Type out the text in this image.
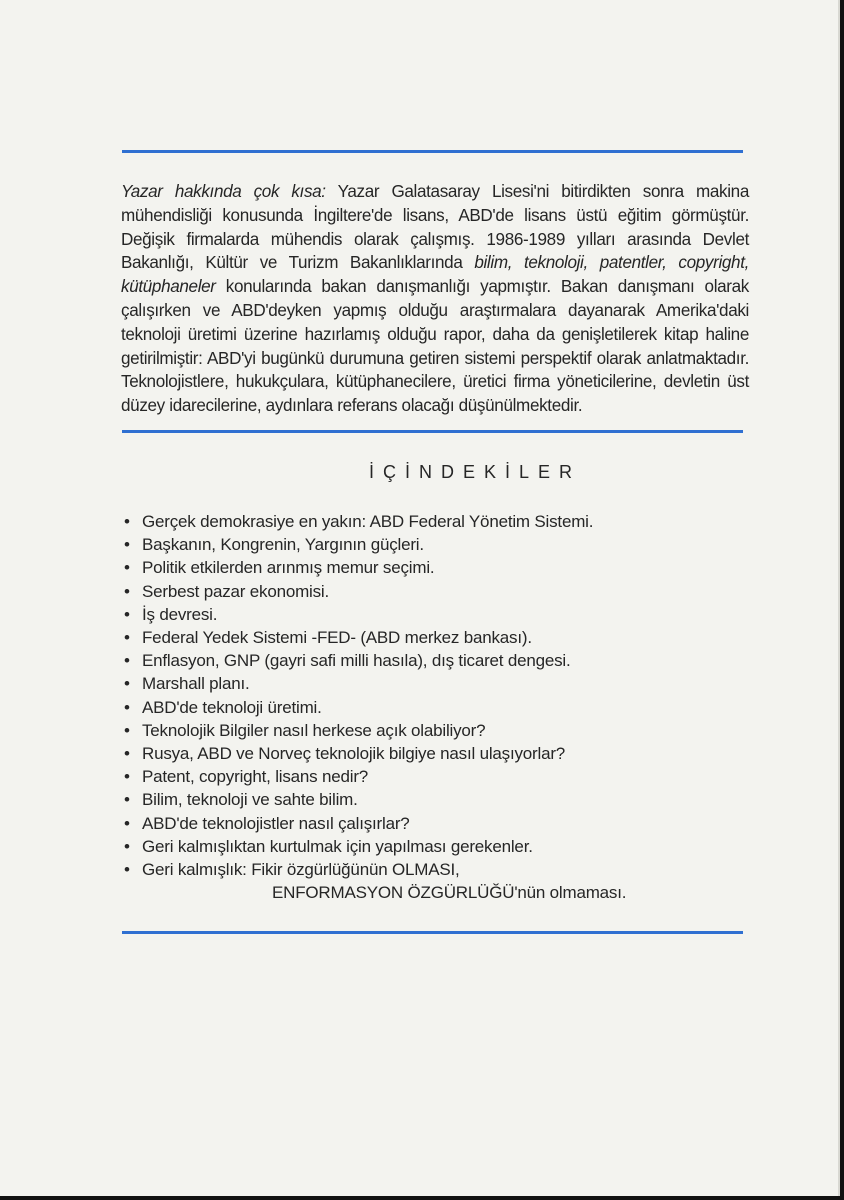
Yazar hakkında çok kısa: Yazar Galatasaray Lisesi'ni bitirdikten sonra makina mühendisliği konusunda İngiltere'de lisans, ABD'de lisans üstü eğitim görmüştür. Değişik firmalarda mühendis olarak çalışmış. 1986-1989 yılları arasında Devlet Bakanlığı, Kültür ve Turizm Bakanlıklarında bilim, teknoloji, patentler, copyright, kütüphaneler konularında bakan danışmanlığı yapmıştır. Bakan danışmanı olarak çalışırken ve ABD'deyken yapmış olduğu araştırmalara dayanarak Amerika'daki teknoloji üretimi üzerine hazırlamış olduğu rapor, daha da genişletilerek kitap haline getirilmiştir: ABD'yi bugünkü durumuna getiren sistemi perspektif olarak anlatmaktadır. Teknolojistlere, hukukçulara, kütüphanecilere, üretici firma yöneticilerine, devletin üst düzey idarecilerine, aydınlara referans olacağı düşünülmektedir.

İÇİNDEKİLER
• Gerçek demokrasiye en yakın: ABD Federal Yönetim Sistemi.
• Başkanın, Kongrenin, Yargının güçleri.
• Politik etkilerden arınmış memur seçimi.
• Serbest pazar ekonomisi.
• İş devresi.
• Federal Yedek Sistemi -FED- (ABD merkez bankası).
• Enflasyon, GNP (gayri safi milli hasıla), dış ticaret dengesi.
• Marshall planı.
• ABD'de teknoloji üretimi.
• Teknolojik Bilgiler nasıl herkese açık olabiliyor?
• Rusya, ABD ve Norveç teknolojik bilgiye nasıl ulaşıyorlar?
• Patent, copyright, lisans nedir?
• Bilim, teknoloji ve sahte bilim.
• ABD'de teknolojistler nasıl çalışırlar?
• Geri kalmışlıktan kurtulmak için yapılması gerekenler.
• Geri kalmışlık: Fikir özgürlüğünün OLMASI,
ENFORMASYON ÖZGÜRLÜĞÜ'nün olmaması.
